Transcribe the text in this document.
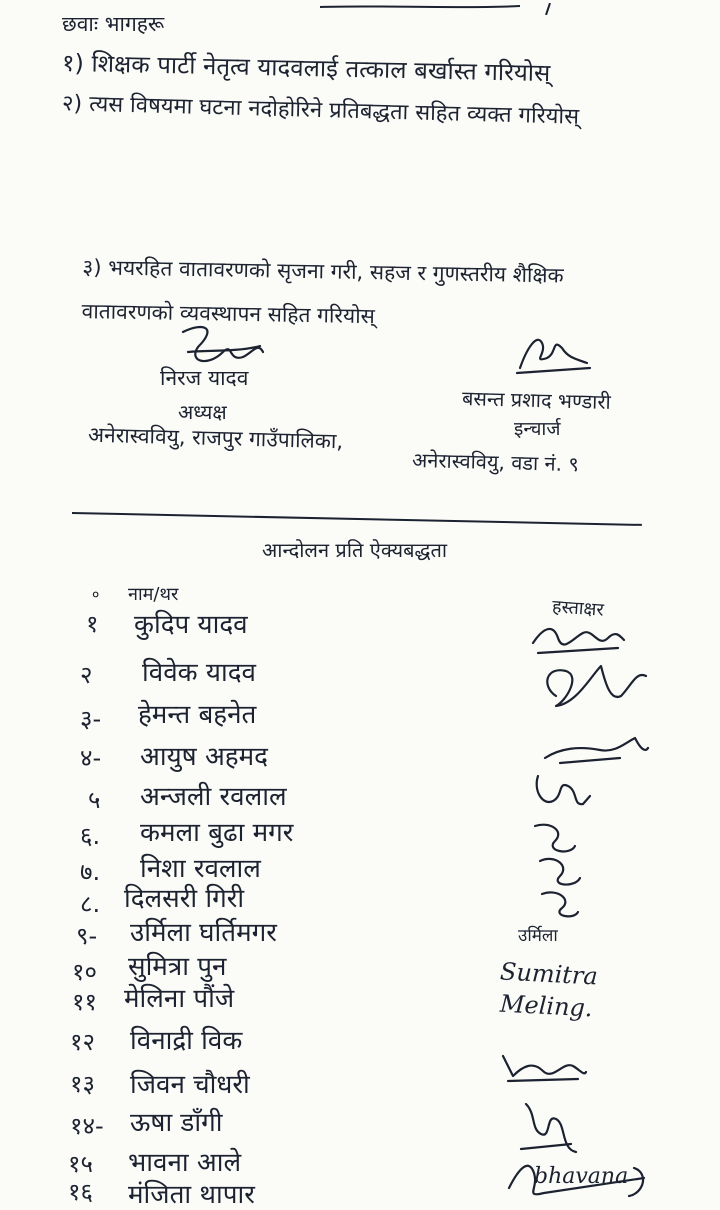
छवाः भागहरू
१) शिक्षक पार्टी नेतृत्व यादवलाई तत्काल बर्खास्त गरियोस्
२) त्यस विषयमा घटना नदोहोरिने प्रतिबद्धता सहित व्यक्त गरियोस्
३) भयरहित वातावरणको सृजना गरी, सहज र गुणस्तरीय शैक्षिक वातावरणको व्यवस्थापन सहित गरियोस्
निरज यादव
अध्यक्ष
अनेरास्ववियु, राजपुर गाउँपालिका,
बसन्त प्रशाद भण्डारी
इन्चार्ज
अनेरास्ववियु, वडा नं. ९
आन्दोलन प्रति ऐक्यबद्धता
० नाम/थर
हस्ताक्षर
१ कुदिप यादव
२ विवेक यादव
३- हेमन्त बहनेत
४- आयुष अहमद
५ अन्जली रवलाल
६. कमला बुढा मगर
७. निशा रवलाल
८. दिलसरी गिरी
९- उर्मिला घर्तिमगर
१० सुमित्रा पुन
११ मेलिना पौंजे
१२ विनाद्री विक
१३ जिवन चौधरी
१४- ऊषा डाँगी
१५ भावना आले
१६ मंजिता थापार
उर्मिला
Sumitra
Meling.
bhavana
